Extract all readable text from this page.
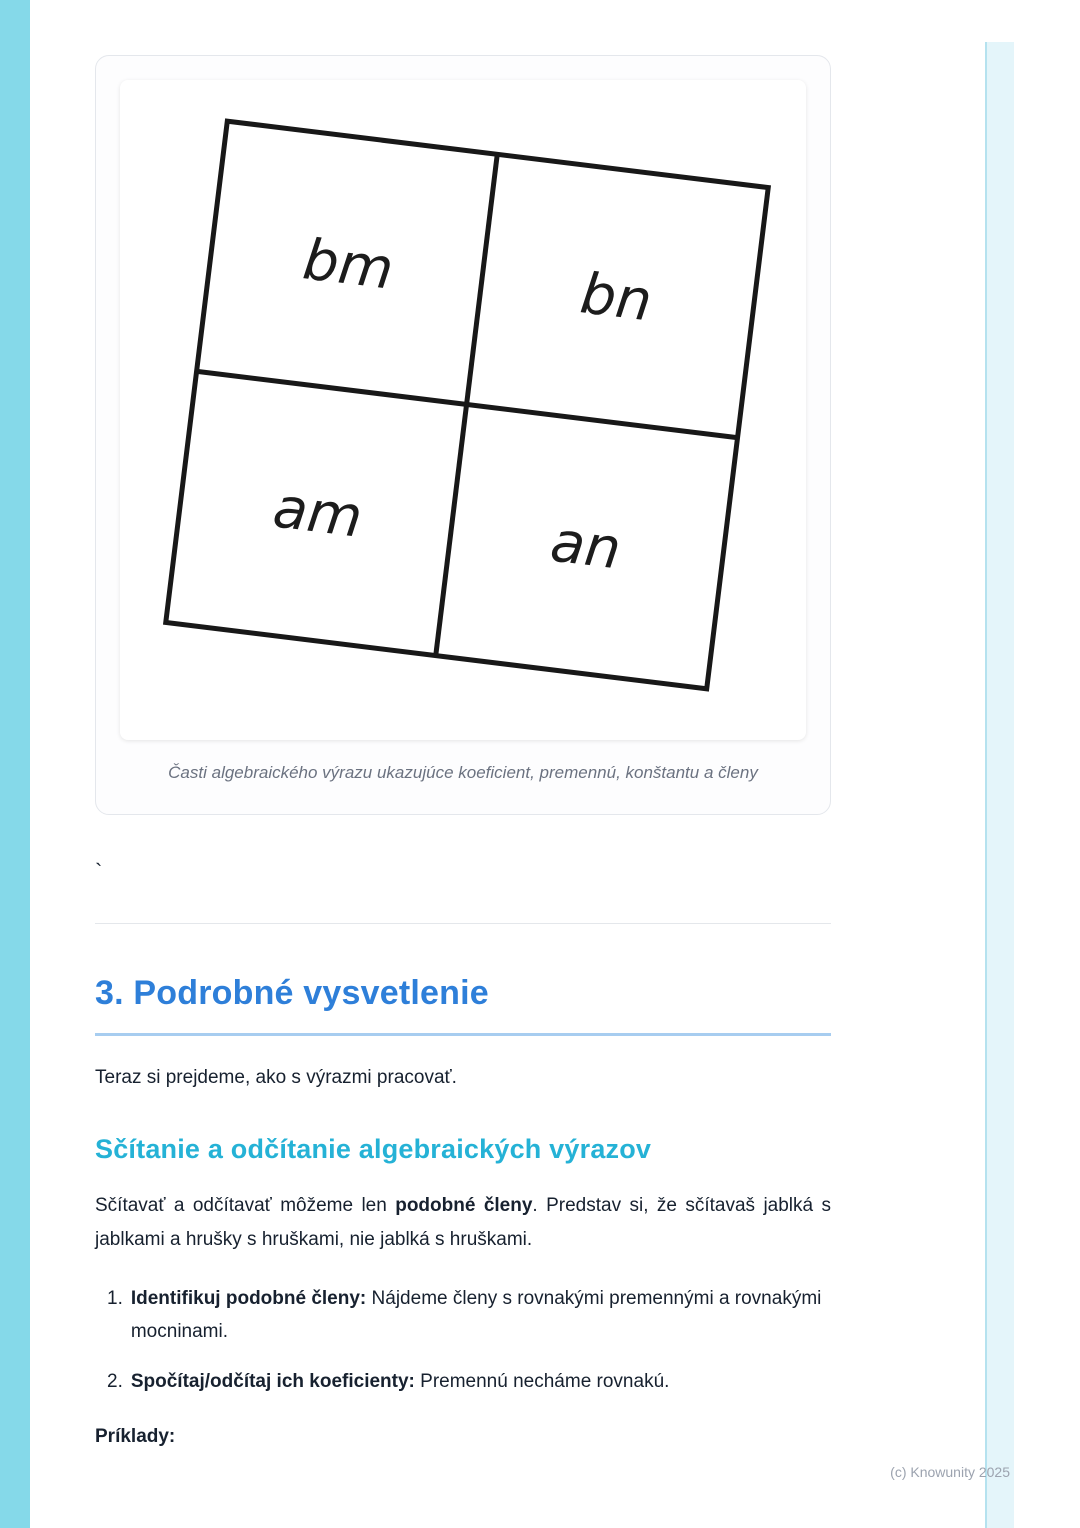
bm	bn
am	an
Časti algebraického výrazu ukazujúce koeficient, premennú, konštantu a členy
`
3. Podrobné vysvetlenie

Teraz si prejdeme, ako s výrazmi pracovať.

Sčítanie a odčítanie algebraických výrazov

Sčítavať a odčítavať môžeme len podobné členy. Predstav si, že sčítavaš jablká s jablkami a hrušky s hruškami, nie jablká s hruškami.

1. Identifikuj podobné členy: Nájdeme členy s rovnakými premennými a rovnakými mocninami.
2. Spočítaj/odčítaj ich koeficienty: Premennú necháme rovnakú.

Príklady:

(c) Knowunity 2025
